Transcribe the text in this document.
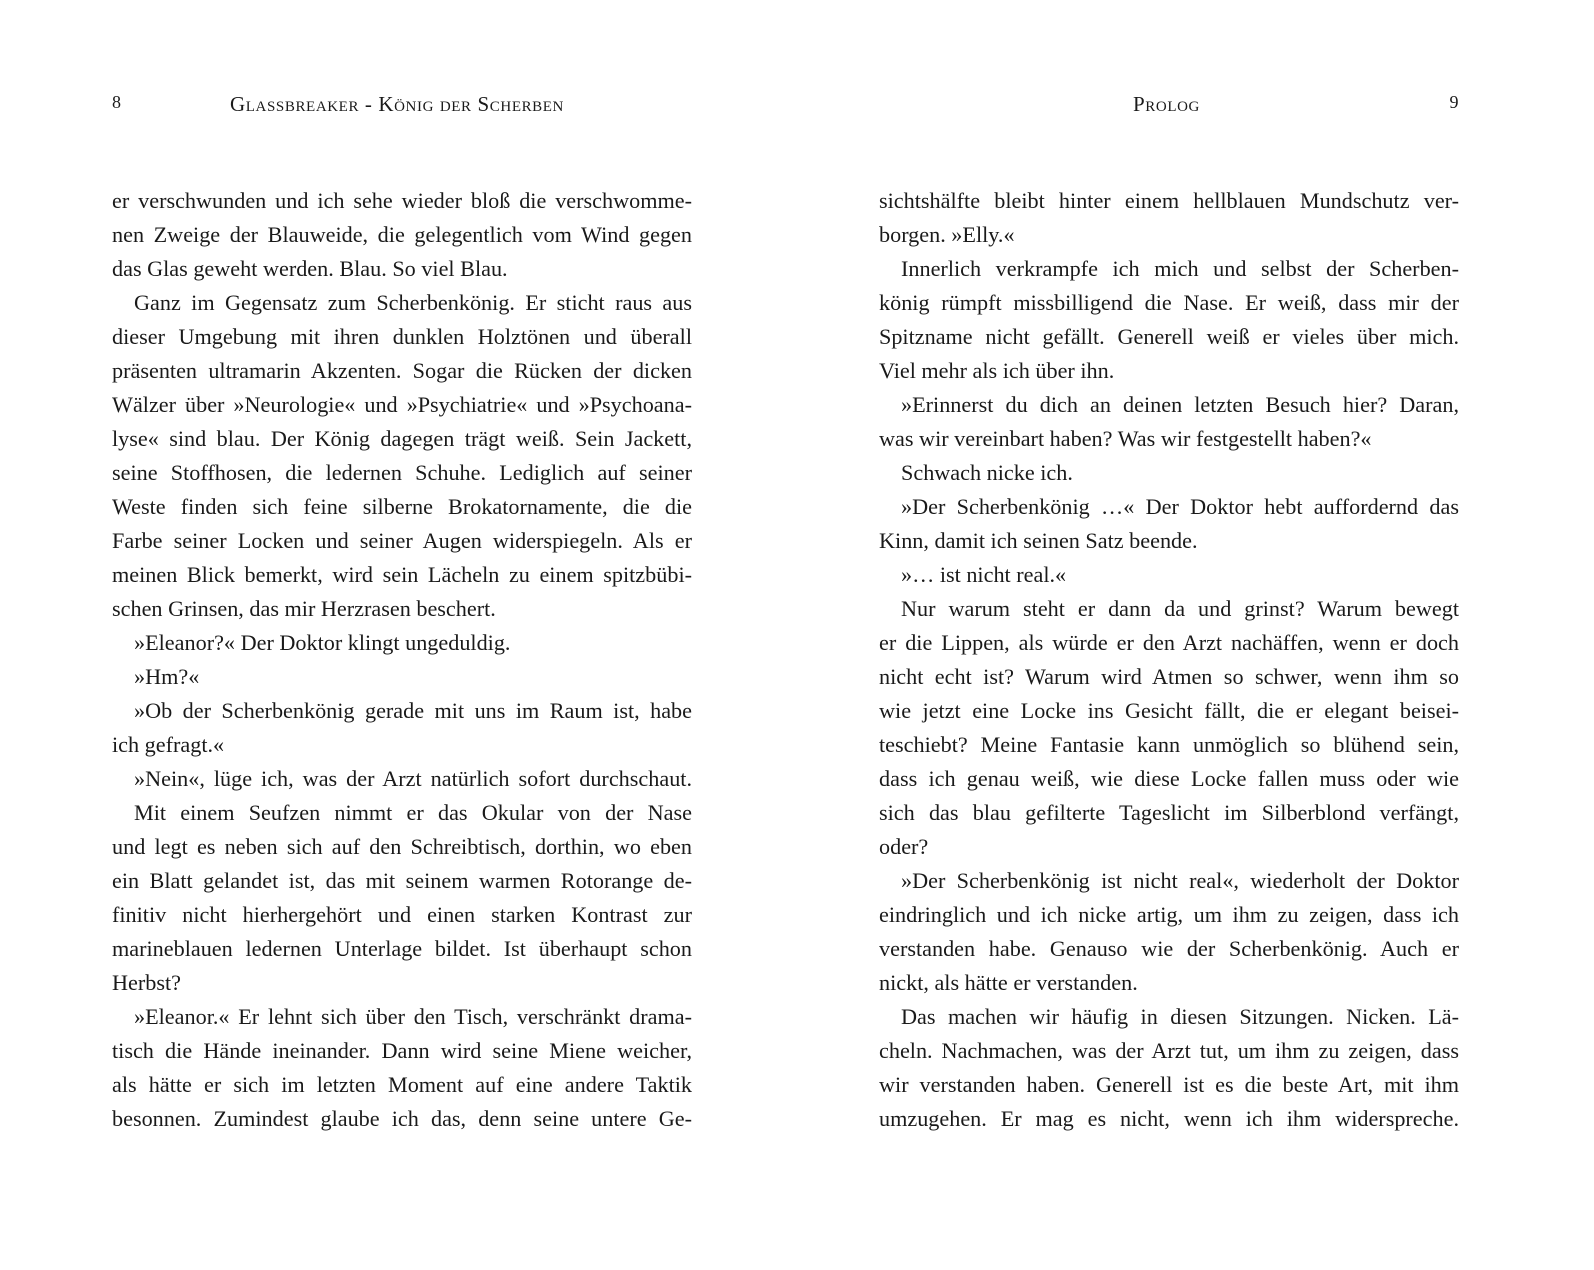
8	Glassbreaker - König der Scherben
er verschwunden und ich sehe wieder bloß die verschwomme-
nen Zweige der Blauweide, die gelegentlich vom Wind gegen
das Glas geweht werden. Blau. So viel Blau.
Ganz im Gegensatz zum Scherbenkönig. Er sticht raus aus
dieser Umgebung mit ihren dunklen Holztönen und überall
präsenten ultramarin Akzenten. Sogar die Rücken der dicken
Wälzer über »Neurologie« und »Psychiatrie« und »Psychoana-
lyse« sind blau. Der König dagegen trägt weiß. Sein Jackett,
seine Stoffhosen, die ledernen Schuhe. Lediglich auf seiner
Weste finden sich feine silberne Brokatornamente, die die
Farbe seiner Locken und seiner Augen widerspiegeln. Als er
meinen Blick bemerkt, wird sein Lächeln zu einem spitzbübi-
schen Grinsen, das mir Herzrasen beschert.
»Eleanor?« Der Doktor klingt ungeduldig.
»Hm?«
»Ob der Scherbenkönig gerade mit uns im Raum ist, habe
ich gefragt.«
»Nein«, lüge ich, was der Arzt natürlich sofort durchschaut.
Mit einem Seufzen nimmt er das Okular von der Nase
und legt es neben sich auf den Schreibtisch, dorthin, wo eben
ein Blatt gelandet ist, das mit seinem warmen Rotorange de-
finitiv nicht hierhergehört und einen starken Kontrast zur
marineblauen ledernen Unterlage bildet. Ist überhaupt schon
Herbst?
»Eleanor.« Er lehnt sich über den Tisch, verschränkt drama-
tisch die Hände ineinander. Dann wird seine Miene weicher,
als hätte er sich im letzten Moment auf eine andere Taktik
besonnen. Zumindest glaube ich das, denn seine untere Ge-
Prolog	9
sichtshälfte bleibt hinter einem hellblauen Mundschutz ver-
borgen. »Elly.«
Innerlich verkrampfe ich mich und selbst der Scherben-
könig rümpft missbilligend die Nase. Er weiß, dass mir der
Spitzname nicht gefällt. Generell weiß er vieles über mich.
Viel mehr als ich über ihn.
»Erinnerst du dich an deinen letzten Besuch hier? Daran,
was wir vereinbart haben? Was wir festgestellt haben?«
Schwach nicke ich.
»Der Scherbenkönig …« Der Doktor hebt auffordernd das
Kinn, damit ich seinen Satz beende.
»… ist nicht real.«
Nur warum steht er dann da und grinst? Warum bewegt
er die Lippen, als würde er den Arzt nachäffen, wenn er doch
nicht echt ist? Warum wird Atmen so schwer, wenn ihm so
wie jetzt eine Locke ins Gesicht fällt, die er elegant beisei-
teschiebt? Meine Fantasie kann unmöglich so blühend sein,
dass ich genau weiß, wie diese Locke fallen muss oder wie
sich das blau gefilterte Tageslicht im Silberblond verfängt,
oder?
»Der Scherbenkönig ist nicht real«, wiederholt der Doktor
eindringlich und ich nicke artig, um ihm zu zeigen, dass ich
verstanden habe. Genauso wie der Scherbenkönig. Auch er
nickt, als hätte er verstanden.
Das machen wir häufig in diesen Sitzungen. Nicken. Lä-
cheln. Nachmachen, was der Arzt tut, um ihm zu zeigen, dass
wir verstanden haben. Generell ist es die beste Art, mit ihm
umzugehen. Er mag es nicht, wenn ich ihm widerspreche.
